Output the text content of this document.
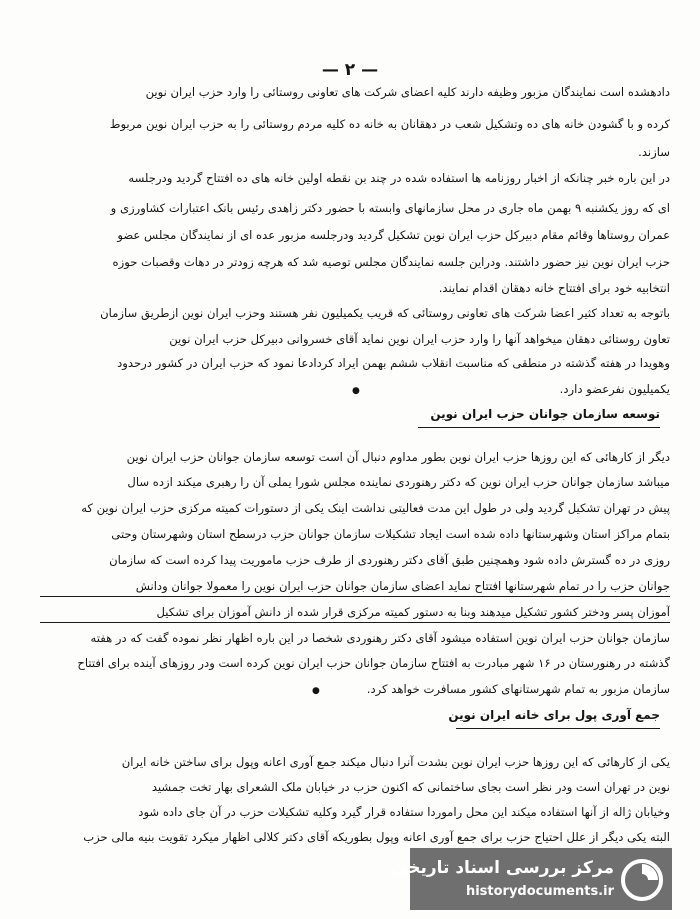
— ۲ —
دادهشده است نمایندگان مزبور وظیفه دارند کلیه اعضای شرکت های تعاونی روستائی را وارد حزب ایران نوین
کرده و با گشودن خانه های ده وتشکیل شعب در دهقانان به خانه ده کلیه مردم روستائی را به حزب ایران نوین مربوط
سازند.
در این باره خبر چنانکه از اخبار روزنامه ها استفاده شده در چند بن نقطه اولین خانه های ده افتتاح گردید ودرجلسه
ای که روز یکشنبه ۹ بهمن ماه جاری در محل سازمانهای وابسته با حضور دکتر زاهدی رئیس بانک اعتبارات کشاورزی و
عمران روستاها وقائم مقام دبیرکل حزب ایران نوین تشکیل گردید ودرجلسه مزبور عده ای از نمایندگان مجلس عضو
حزب ایران نوین نیز حضور داشتند. ودراین جلسه نمایندگان مجلس توصیه شد که هرچه زودتر در دهات وقصبات حوزه
انتخابیه خود برای افتتاح خانه دهقان اقدام نمایند.
باتوجه به تعداد کثیر اعضا شرکت های تعاونی روستائی که قریب یکمیلیون نفر هستند وحزب ایران نوین ازطریق سازمان
تعاون روستائی دهقان میخواهد آنها را وارد حزب ایران نوین نماید آقای خسروانی دبیرکل حزب ایران نوین
وهویدا در هفته گذشته در منطقی که مناسبت انقلاب ششم بهمن ایراد کردادعا نمود که حزب ایران در کشور درحدود
یکمیلیون نفرعضو دارد.
●
توسعه سازمان جوانان حزب ایران نوین
دیگر از کارهائی که این روزها حزب ایران نوین بطور مداوم دنبال آن است توسعه سازمان جوانان حزب ایران نوین
میباشد سازمان جوانان حزب ایران نوین که دکتر رهنوردی نماینده مجلس شورا یملی آن را رهبری میکند ازده سال
پیش در تهران تشکیل گردید ولی در طول این مدت فعالیتی نداشت اینک یکی از دستورات کمیته مرکزی حزب ایران نوین که
بتمام مراکز استان وشهرستانها داده شده است ایجاد تشکیلات سازمان جوانان حزب درسطح استان وشهرستان وحتی
روزی در ده گسترش داده شود وهمچنین طبق آقای دکتر رهنوردی از طرف حزب ماموریت پیدا کرده است که سازمان
جوانان حزب را در تمام شهرستانها افتتاح نماید اعضای سازمان جوانان حزب ایران نوین را معمولا جوانان ودانش
آموزان پسر ودختر کشور تشکیل میدهند وبنا به دستور کمیته مرکزی قرار شده از دانش آموزان برای تشکیل
سازمان جوانان حزب ایران نوین استفاده میشود آقای دکتر رهنوردی شخصا در این باره اظهار نظر نموده گفت که در هفته
گذشته در رهنورستان در ۱۶ شهر مبادرت به افتتاح سازمان جوانان حزب ایران نوین کرده است ودر روزهای آینده برای افتتاح
سازمان مزبور به تمام شهرستانهای کشور مسافرت خواهد کرد.
●
جمع آوری پول برای خانه ایران نوین
یکی از کارهائی که این روزها حزب ایران نوین بشدت آنرا دنبال میکند جمع آوری اعانه وپول برای ساختن خانه ایران
نوین در تهران است ودر نظر است بجای ساختمانی که اکنون حزب در خیابان ملک الشعرای بهار تخت جمشید
وخیابان ژاله از آنها استفاده میکند این محل راموردا ستفاده قرار گیرد وکلیه تشکیلات حزب در آن جای داده شود
البته یکی دیگر از علل احتیاج حزب برای جمع آوری اعانه وپول بطوریکه آقای دکتر کلالی اظهار میکرد تقویت بنیه مالی حزب
مرکز بررسی اسناد تاریخی
historydocuments.ir
